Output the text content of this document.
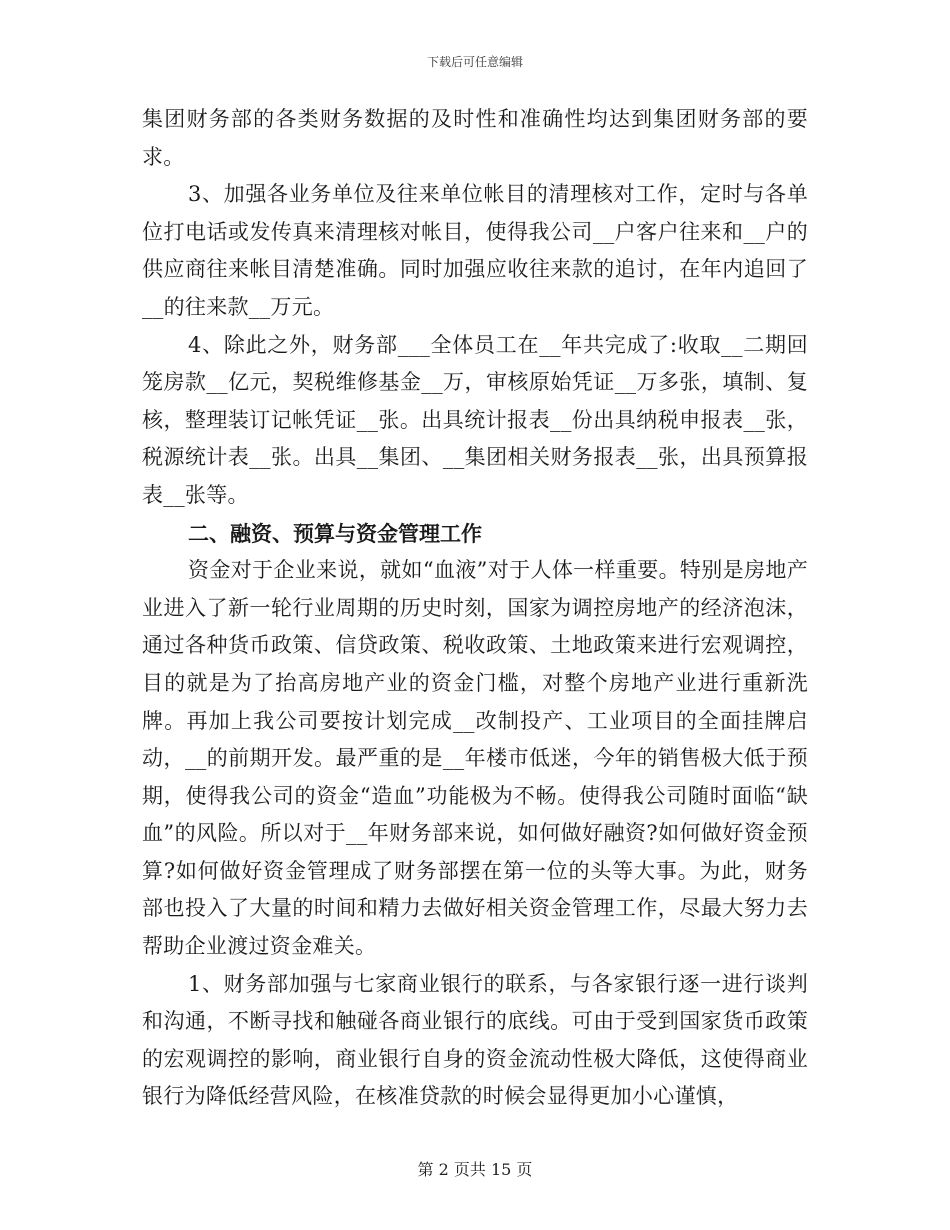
下载后可任意编辑

集团财务部的各类财务数据的及时性和准确性均达到集团财务部的要求。

3、加强各业务单位及往来单位帐目的清理核对工作，定时与各单位打电话或发传真来清理核对帐目，使得我公司__户客户往来和__户的供应商往来帐目清楚准确。同时加强应收往来款的追讨，在年内追回了__的往来款__万元。

4、除此之外，财务部___全体员工在__年共完成了:收取__二期回笼房款__亿元，契税维修基金__万，审核原始凭证__万多张，填制、复核，整理装订记帐凭证__张。出具统计报表__份出具纳税申报表__张，税源统计表__张。出具__集团、__集团相关财务报表__张，出具预算报表__张等。

二、融资、预算与资金管理工作

资金对于企业来说，就如“血液”对于人体一样重要。特别是房地产业进入了新一轮行业周期的历史时刻，国家为调控房地产的经济泡沫，通过各种货币政策、信贷政策、税收政策、土地政策来进行宏观调控，目的就是为了抬高房地产业的资金门槛，对整个房地产业进行重新洗牌。再加上我公司要按计划完成__改制投产、工业项目的全面挂牌启动，__的前期开发。最严重的是__年楼市低迷，今年的销售极大低于预期，使得我公司的资金“造血”功能极为不畅。使得我公司随时面临“缺血”的风险。所以对于__年财务部来说，如何做好融资?如何做好资金预算?如何做好资金管理成了财务部摆在第一位的头等大事。为此，财务部也投入了大量的时间和精力去做好相关资金管理工作，尽最大努力去帮助企业渡过资金难关。

1、财务部加强与七家商业银行的联系，与各家银行逐一进行谈判和沟通，不断寻找和触碰各商业银行的底线。可由于受到国家货币政策的宏观调控的影响，商业银行自身的资金流动性极大降低，这使得商业银行为降低经营风险，在核准贷款的时候会显得更加小心谨慎，

第 2 页共 15 页
